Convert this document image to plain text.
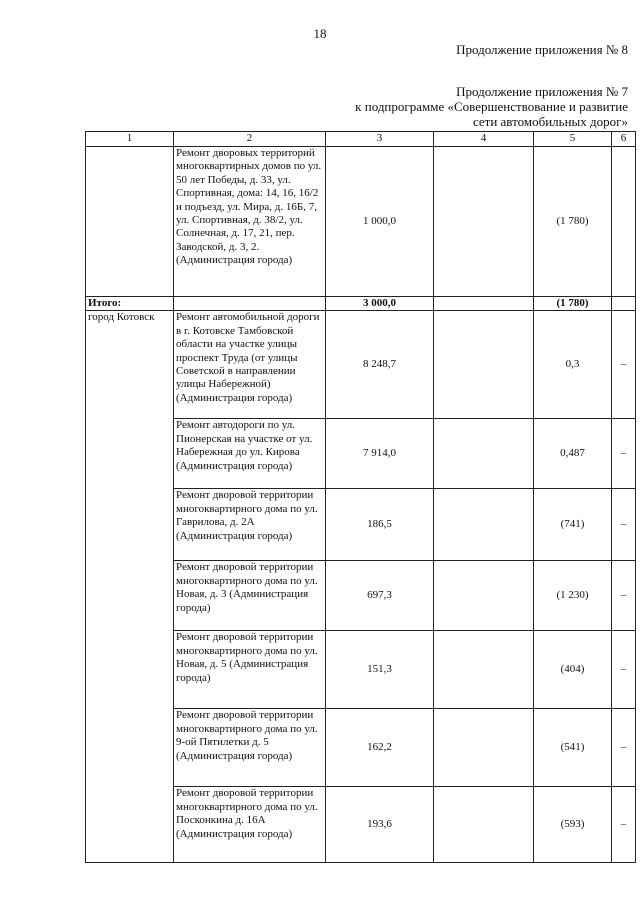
18
Продолжение приложения № 8
Продолжение приложения № 7
к подпрограмме «Совершенствование и развитие
сети автомобильных дорог»
1	2	3	4	5	6
	Ремонт дворовых территорий многоквартирных домов по ул. 50 лет Победы, д. 33, ул. Спортивная, дома: 14, 16, 16/2 и подъезд, ул. Мира, д. 16Б, 7, ул. Спортивная, д. 38/2, ул. Солнечная, д. 17, 21, пер. Заводской, д. 3, 2. (Администрация города)	1 000,0		(1 780)	
Итого:		3 000,0		(1 780)	
город Котовск	Ремонт автомобильной дороги в г. Котовске Тамбовской области на участке улицы проспект Труда (от улицы Советской в направлении улицы Набережной) (Администрация города)	8 248,7		0,3	–
	Ремонт автодороги по ул. Пионерская на участке от ул. Набережная до ул. Кирова (Администрация города)	7 914,0		0,487	–
	Ремонт дворовой территории многоквартирного дома по ул. Гаврилова, д. 2А (Администрация города)	186,5		(741)	–
	Ремонт дворовой территории многоквартирного дома по ул. Новая, д. 3 (Администрация города)	697,3		(1 230)	–
	Ремонт дворовой территории многоквартирного дома по ул. Новая, д. 5 (Администрация города)	151,3		(404)	–
	Ремонт дворовой территории многоквартирного дома по ул. 9-ой Пятилетки д. 5 (Администрация города)	162,2		(541)	–
	Ремонт дворовой территории многоквартирного дома по ул. Посконкина д. 16А (Администрация города)	193,6		(593)	–
